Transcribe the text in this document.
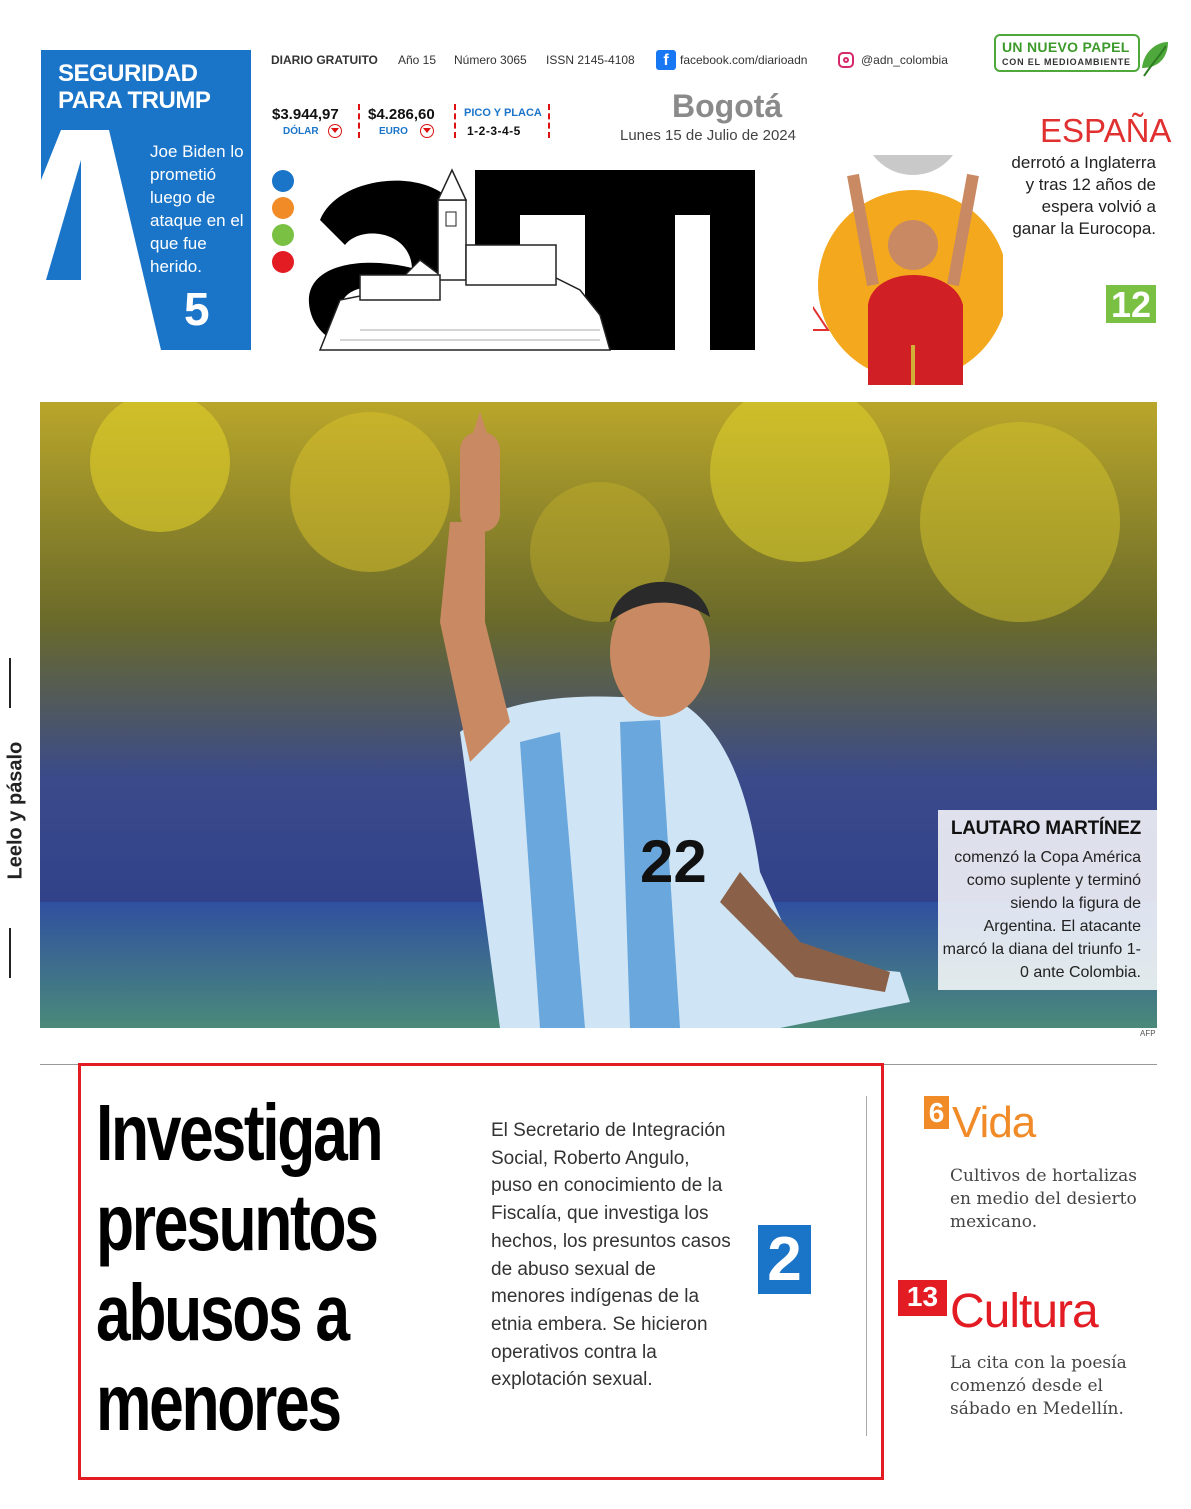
SEGURIDAD PARA TRUMP
Joe Biden lo prometió luego de ataque en el que fue herido.
5
DIARIO GRATUITO Año 15 Número 3065 ISSN 2145-4108	f facebook.com/diarioadn	@adn_colombia
UN NUEVO PAPEL
CON EL MEDIOAMBIENTE
$3.944,97
DÓLAR
$4.286,60
EURO
PICO Y PLACA
1-2-3-4-5
Bogotá
Lunes 15 de Julio de 2024	ESPAÑA
derrotó a Inglaterra y tras 12 años de espera volvió a ganar la Eurocopa.
12
22
AFP
LAUTARO MARTÍNEZ
comenzó la Copa América como suplente y terminó siendo la figura de Argentina. El atacante marcó la diana del triunfo 1-0 ante Colombia.
Leelo y pásalo
Investigan presuntos abusos a menores
El Secretario de Integración Social, Roberto Angulo, puso en conocimiento de la Fiscalía, que investiga los hechos, los presuntos casos de abuso sexual de menores indígenas de la etnia embera. Se hicieron operativos contra la explotación sexual.
2
6 Vida
Cultivos de hortalizas en medio del desierto mexicano.
13 Cultura
La cita con la poesía comenzó desde el sábado en Medellín.
